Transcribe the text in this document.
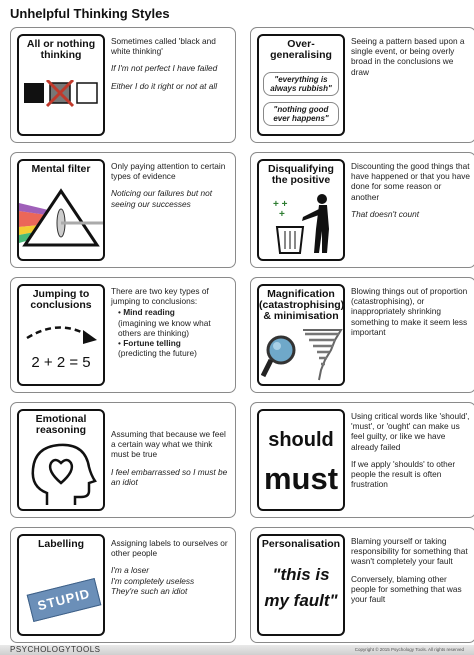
Unhelpful Thinking Styles
All or nothing
thinking

Sometimes called 'black and white thinking'

If I'm not perfect I have failed

Either I do it right or not at all

Over-
generalising
"everything is always rubbish"
"nothing good ever happens"

Seeing a pattern based upon a single event, or being overly broad in the conclusions we draw

Mental filter	Only paying attention to certain types of evidence

Noticing our failures but not seeing our successes

Disqualifying
the positive
+ +
+

Discounting the good things that have happened or that you have done for some reason or another

That doesn't count

Jumping to
conclusions
2 + 2 = 5

There are two key types of jumping to conclusions:

• Mind reading
(imagining we know what others are thinking)
• Fortune telling
(predicting the future)
Magnification
(catastrophising)
& minimisation

Blowing things out of proportion (catastrophising), or inappropriately shrinking something to make it seem less important

Emotional
reasoning	Assuming that because we feel a certain way what we think must be true

I feel embarrassed so I must be an idiot

should
must

Using critical words like 'should', 'must', or 'ought' can make us feel guilty, or like we have already failed

If we apply 'shoulds' to other people the result is often frustration

Labelling
STUPID

Assigning labels to ourselves or other people

I'm a loser
I'm completely useless
They're such an idiot

Personalisation
"this is my fault"

Blaming yourself or taking responsibility for something that wasn't completely your fault

Conversely, blaming other people for something that was your fault

PSYCHOLOGYTOOLS	Copyright © 2015 Psychology Tools. All rights reserved
